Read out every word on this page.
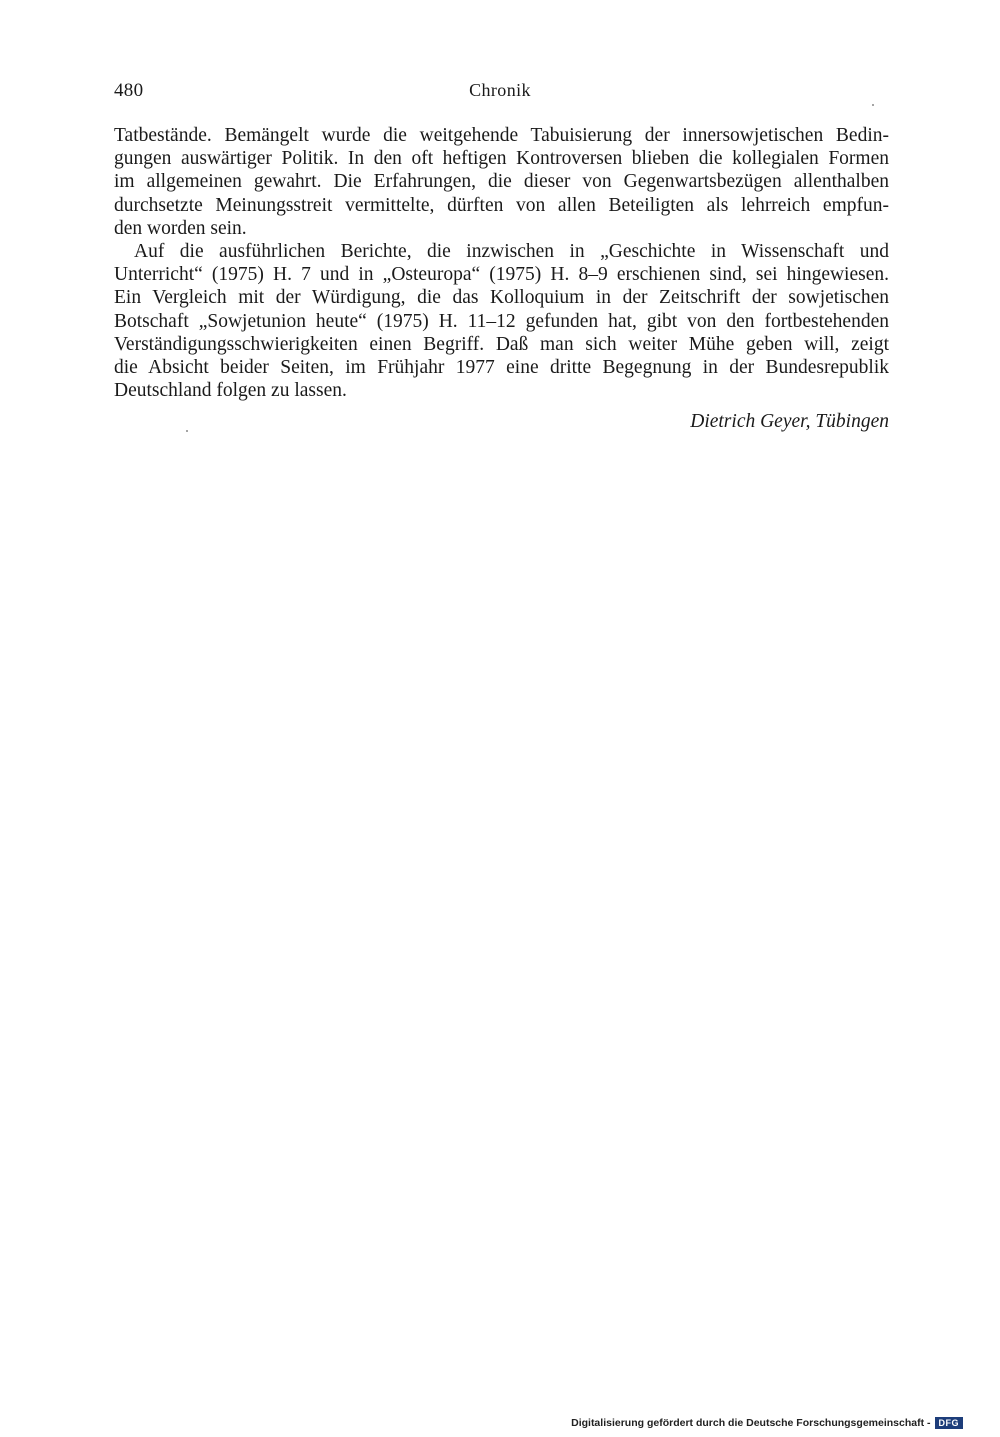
480	Chronik
Tatbestände. Bemängelt wurde die weitgehende Tabuisierung der innersowjetischen Bedin-
gungen auswärtiger Politik. In den oft heftigen Kontroversen blieben die kollegialen Formen
im allgemeinen gewahrt. Die Erfahrungen, die dieser von Gegenwartsbezügen allenthalben
durchsetzte Meinungsstreit vermittelte, dürften von allen Beteiligten als lehrreich empfun-
den worden sein.
Auf die ausführlichen Berichte, die inzwischen in „Geschichte in Wissenschaft und
Unterricht“ (1975) H. 7 und in „Osteuropa“ (1975) H. 8–9 erschienen sind, sei hingewiesen.
Ein Vergleich mit der Würdigung, die das Kolloquium in der Zeitschrift der sowjetischen
Botschaft „Sowjetunion heute“ (1975) H. 11–12 gefunden hat, gibt von den fortbestehenden
Verständigungsschwierigkeiten einen Begriff. Daß man sich weiter Mühe geben will, zeigt
die Absicht beider Seiten, im Frühjahr 1977 eine dritte Begegnung in der Bundesrepublik
Deutschland folgen zu lassen.
Dietrich Geyer, Tübingen
Digitalisierung gefördert durch die Deutsche Forschungsgemeinschaft - DFG
